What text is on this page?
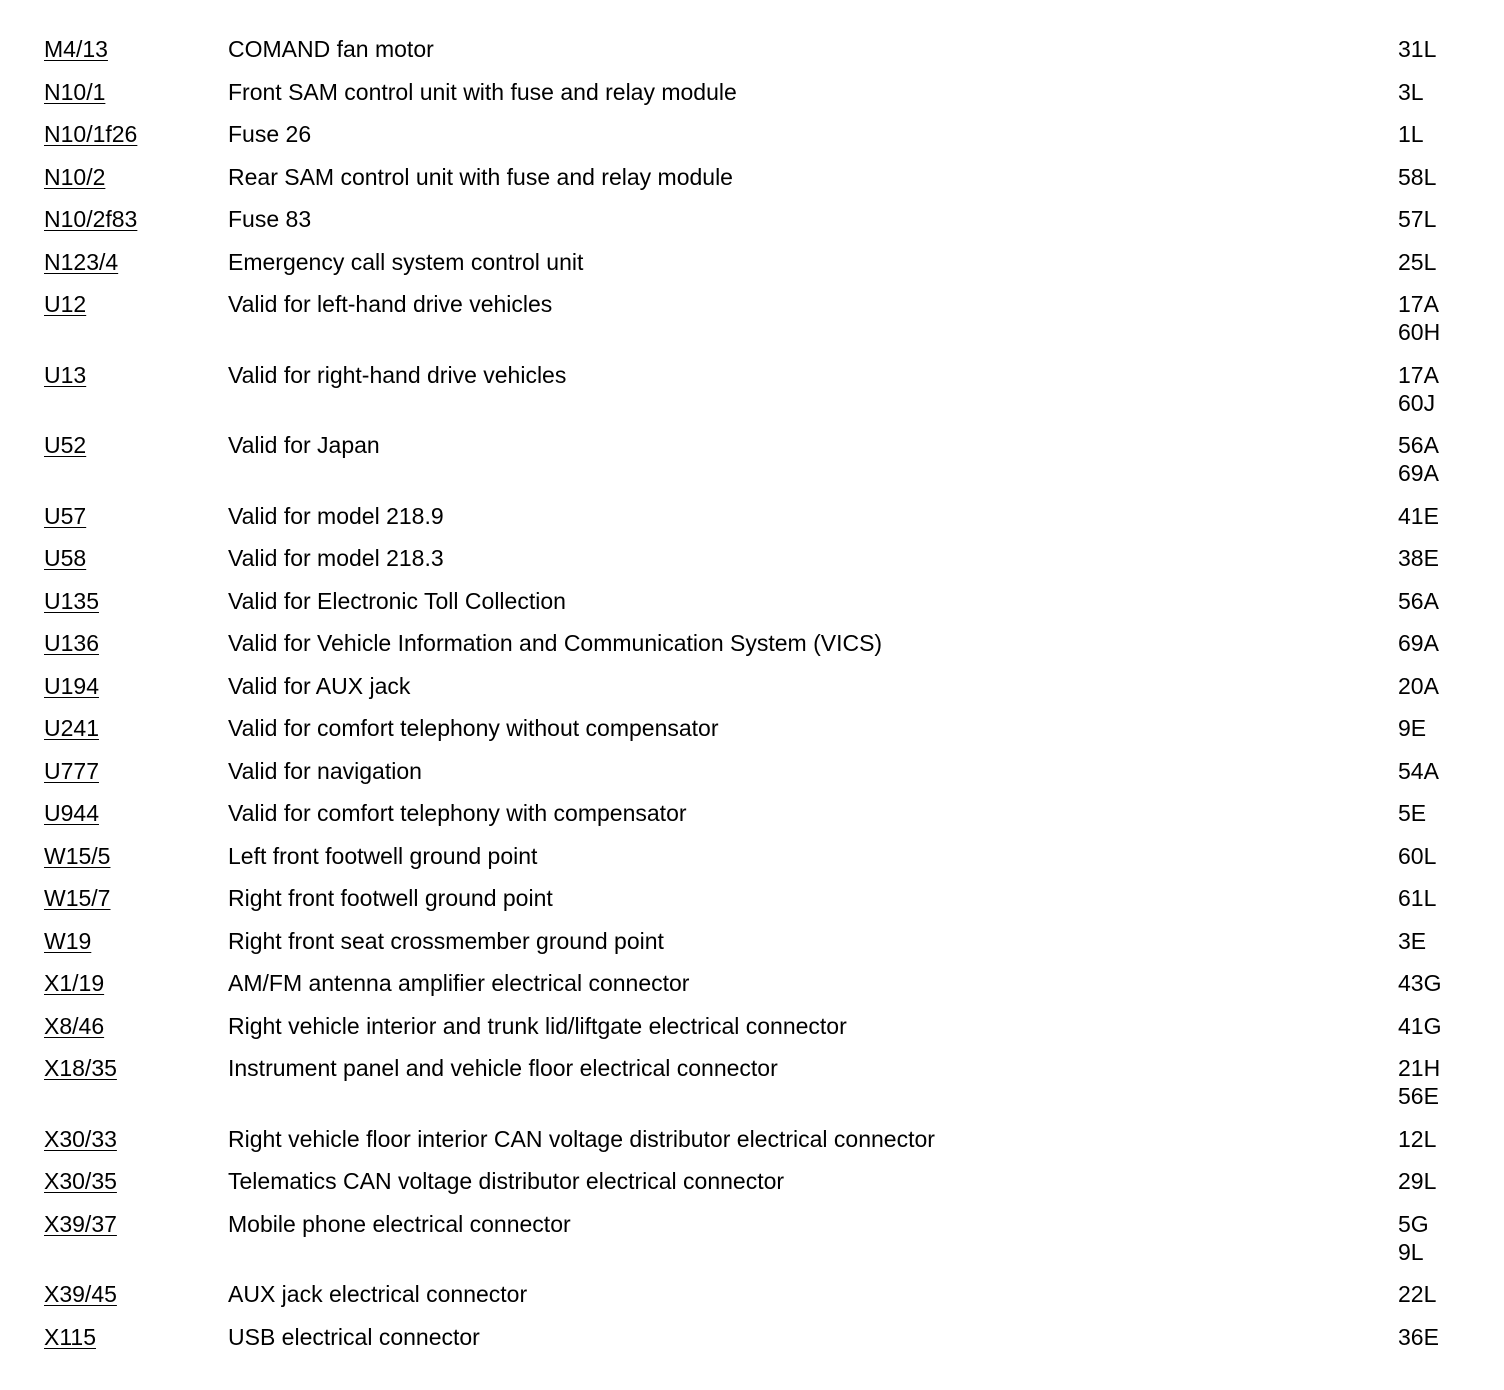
M4/13	COMAND fan motor	31L
N10/1	Front SAM control unit with fuse and relay module	3L
N10/1f26	Fuse 26	1L
N10/2	Rear SAM control unit with fuse and relay module	58L
N10/2f83	Fuse 83	57L
N123/4	Emergency call system control unit	25L
U12	Valid for left-hand drive vehicles	17A
60H
U13	Valid for right-hand drive vehicles	17A
60J
U52	Valid for Japan	56A
69A
U57	Valid for model 218.9	41E
U58	Valid for model 218.3	38E
U135	Valid for Electronic Toll Collection	56A
U136	Valid for Vehicle Information and Communication System (VICS)	69A
U194	Valid for AUX jack	20A
U241	Valid for comfort telephony without compensator	9E
U777	Valid for navigation	54A
U944	Valid for comfort telephony with compensator	5E
W15/5	Left front footwell ground point	60L
W15/7	Right front footwell ground point	61L
W19	Right front seat crossmember ground point	3E
X1/19	AM/FM antenna amplifier electrical connector	43G
X8/46	Right vehicle interior and trunk lid/liftgate electrical connector	41G
X18/35	Instrument panel and vehicle floor electrical connector	21H
56E
X30/33	Right vehicle floor interior CAN voltage distributor electrical connector	12L
X30/35	Telematics CAN voltage distributor electrical connector	29L
X39/37	Mobile phone electrical connector	5G
9L
X39/45	AUX jack electrical connector	22L
X115	USB electrical connector	36E
